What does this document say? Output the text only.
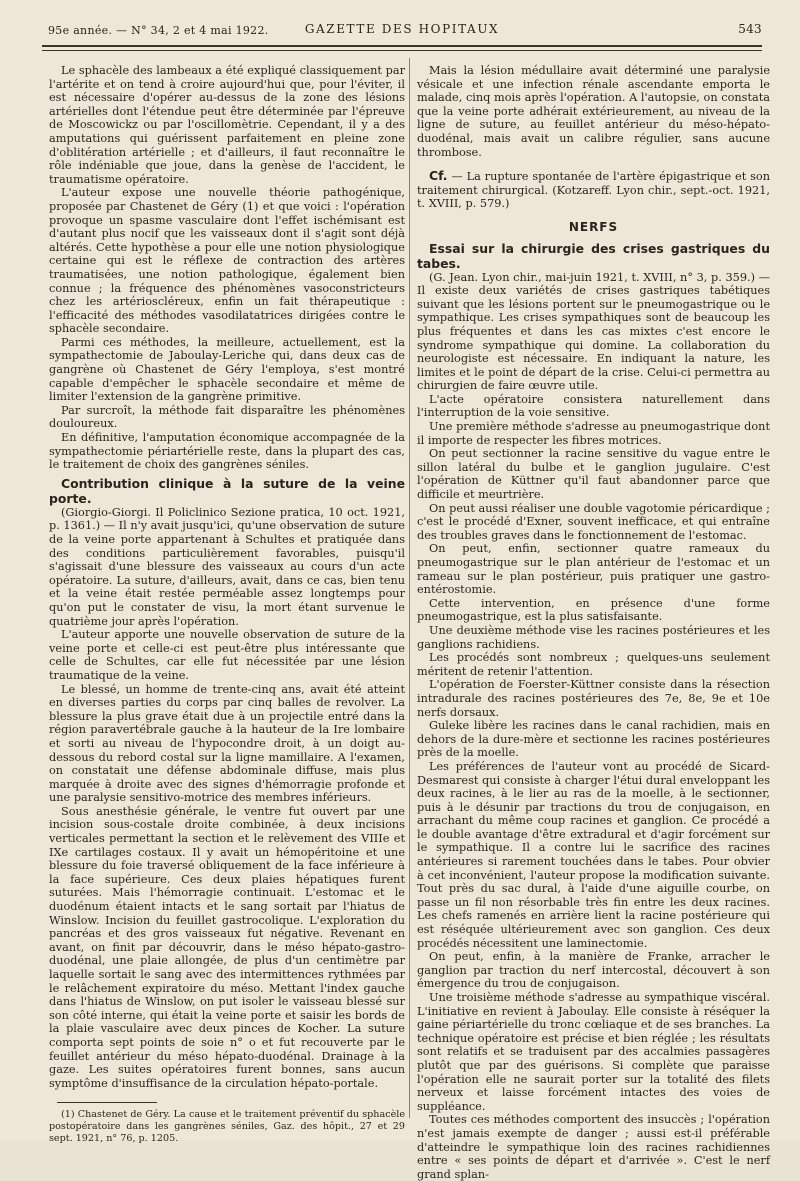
95e année. — N° 34, 2 et 4 mai 1922.	GAZETTE DES HOPITAUX	543

Le sphacèle des lambeaux a été expliqué classiquement par l'artérite et on tend à croire aujourd'hui que, pour l'éviter, il est nécessaire d'opérer au-dessus de la zone des lésions artérielles dont l'étendue peut être déterminée par l'épreuve de Moscowickz ou par l'oscillomètrie. Cependant, il y a des amputations qui guérissent parfaitement en pleine zone d'oblitération artérielle ; et d'ailleurs, il faut reconnaître le rôle indéniable que joue, dans la genèse de l'accident, le traumatisme opératoire.

L'auteur expose une nouvelle théorie pathogénique, proposée par Chastenet de Géry (1) et que voici : l'opération provoque un spasme vasculaire dont l'effet ischémisant est d'autant plus nocif que les vaisseaux dont il s'agit sont déjà altérés. Cette hypothèse a pour elle une notion physiologique certaine qui est le réflexe de contraction des artères traumatisées, une notion pathologique, également bien connue ; la fréquence des phénomènes vasoconstricteurs chez les artérioscléreux, enfin un fait thérapeutique : l'efficacité des méthodes vasodilatatrices dirigées contre le sphacèle secondaire.

Parmi ces méthodes, la meilleure, actuellement, est la sympathectomie de Jaboulay-Leriche qui, dans deux cas de gangrène où Chastenet de Géry l'employa, s'est montré capable d'empêcher le sphacèle secondaire et même de limiter l'extension de la gangrène primitive.

Par surcroît, la méthode fait disparaître les phénomènes douloureux.

En définitive, l'amputation économique accompagnée de la sympathectomie périartérielle reste, dans la plupart des cas, le traitement de choix des gangrènes séniles.

Contribution clinique à la suture de la veine porte.

(Giorgio-Giorgi. Il Policlinico Sezione pratica, 10 oct. 1921, p. 1361.) — Il n'y avait jusqu'ici, qu'une observation de suture de la veine porte appartenant à Schultes et pratiquée dans des conditions particulièrement favorables, puisqu'il s'agissait d'une blessure des vaisseaux au cours d'un acte opératoire. La suture, d'ailleurs, avait, dans ce cas, bien tenu et la veine était restée perméable assez longtemps pour qu'on put le constater de visu, la mort étant survenue le quatrième jour après l'opération.

L'auteur apporte une nouvelle observation de suture de la veine porte et celle-ci est peut-être plus intéressante que celle de Schultes, car elle fut nécessitée par une lésion traumatique de la veine.

Le blessé, un homme de trente-cinq ans, avait été atteint en diverses parties du corps par cinq balles de revolver. La blessure la plus grave était due à un projectile entré dans la région paravertébrale gauche à la hauteur de la Ire lombaire et sorti au niveau de l'hypocondre droit, à un doigt au-dessous du rebord costal sur la ligne mamillaire. A l'examen, on constatait une défense abdominale diffuse, mais plus marquée à droite avec des signes d'hémorragie profonde et une paralysie sensitivo-motrice des membres inférieurs.

Sous anesthésie générale, le ventre fut ouvert par une incision sous-costale droite combinée, à deux incisions verticales permettant la section et le relèvement des VIIIe et IXe cartilages costaux. Il y avait un hémopéritoine et une blessure du foie traversé obliquement de la face inférieure à la face supérieure. Ces deux plaies hépatiques furent suturées. Mais l'hémorragie continuait. L'estomac et le duodénum étaient intacts et le sang sortait par l'hiatus de Winslow. Incision du feuillet gastrocolique. L'exploration du pancréas et des gros vaisseaux fut négative. Revenant en avant, on finit par découvrir, dans le méso hépato-gastro-duodénal, une plaie allongée, de plus d'un centimètre par laquelle sortait le sang avec des intermittences rythmées par le relâchement expiratoire du méso. Mettant l'index gauche dans l'hiatus de Winslow, on put isoler le vaisseau blessé sur son côté interne, qui était la veine porte et saisir les bords de la plaie vasculaire avec deux pinces de Kocher. La suture comporta sept points de soie n° o et fut recouverte par le feuillet antérieur du méso hépato-duodénal. Drainage à la gaze. Les suites opératoires furent bonnes, sans aucun symptôme d'insuffisance de la circulation hépato-portale.

(1) Chastenet de Géry. La cause et le traitement préventif du sphacèle postopératoire dans les gangrènes séniles, Gaz. des hôpit., 27 et 29 sept. 1921, n° 76, p. 1205.

Mais la lésion médullaire avait déterminé une paralysie vésicale et une infection rénale ascendante emporta le malade, cinq mois après l'opération. A l'autopsie, on constata que la veine porte adhérait extérieurement, au niveau de la ligne de suture, au feuillet antérieur du méso-hépato-duodénal, mais avait un calibre régulier, sans aucune thrombose.

Cf. — La rupture spontanée de l'artère épigastrique et son traitement chirurgical. (Kotzareff. Lyon chir., sept.-oct. 1921, t. XVIII, p. 579.)

NERFS

Essai sur la chirurgie des crises gastriques du tabes.

(G. Jean. Lyon chir., mai-juin 1921, t. XVIII, n° 3, p. 359.) — Il existe deux variétés de crises gastriques tabétiques suivant que les lésions portent sur le pneumogastrique ou le sympathique. Les crises sympathiques sont de beaucoup les plus fréquentes et dans les cas mixtes c'est encore le syndrome sympathique qui domine. La collaboration du neurologiste est nécessaire. En indiquant la nature, les limites et le point de départ de la crise. Celui-ci permettra au chirurgien de faire œuvre utile.

L'acte opératoire consistera naturellement dans l'interruption de la voie sensitive.

Une première méthode s'adresse au pneumogastrique dont il importe de respecter les fibres motrices.

On peut sectionner la racine sensitive du vague entre le sillon latéral du bulbe et le ganglion jugulaire. C'est l'opération de Küttner qu'il faut abandonner parce que difficile et meurtrière.

On peut aussi réaliser une double vagotomie péricardique ; c'est le procédé d'Exner, souvent inefficace, et qui entraîne des troubles graves dans le fonctionnement de l'estomac.

On peut, enfin, sectionner quatre rameaux du pneumogastrique sur le plan antérieur de l'estomac et un rameau sur le plan postérieur, puis pratiquer une gastro-entérostomie.

Cette intervention, en présence d'une forme pneumogastrique, est la plus satisfaisante.

Une deuxième méthode vise les racines postérieures et les ganglions rachidiens.

Les procédés sont nombreux ; quelques-uns seulement méritent de retenir l'attention.

L'opération de Foerster-Küttner consiste dans la résection intradurale des racines postérieures des 7e, 8e, 9e et 10e nerfs dorsaux.

Guleke libère les racines dans le canal rachidien, mais en dehors de la dure-mère et sectionne les racines postérieures près de la moelle.

Les préférences de l'auteur vont au procédé de Sicard-Desmarest qui consiste à charger l'étui dural enveloppant les deux racines, à le lier au ras de la moelle, à le sectionner, puis à le désunir par tractions du trou de conjugaison, en arrachant du même coup racines et ganglion. Ce procédé a le double avantage d'être extradural et d'agir forcément sur le sympathique. Il a contre lui le sacrifice des racines antérieures si rarement touchées dans le tabes. Pour obvier à cet inconvénient, l'auteur propose la modification suivante. Tout près du sac dural, à l'aide d'une aiguille courbe, on passe un fil non résorbable très fin entre les deux racines. Les chefs ramenés en arrière lient la racine postérieure qui est réséquée ultérieurement avec son ganglion. Ces deux procédés nécessitent une laminectomie.

On peut, enfin, à la manière de Franke, arracher le ganglion par traction du nerf intercostal, découvert à son émergence du trou de conjugaison.

Une troisième méthode s'adresse au sympathique viscéral. L'initiative en revient à Jaboulay. Elle consiste à réséquer la gaine périartérielle du tronc cœliaque et de ses branches. La technique opératoire est précise et bien réglée ; les résultats sont relatifs et se traduisent par des accalmies passagères plutôt que par des guérisons. Si complète que paraisse l'opération elle ne saurait porter sur la totalité des filets nerveux et laisse forcément intactes des voies de suppléance.

Toutes ces méthodes comportent des insuccès ; l'opération n'est jamais exempte de danger ; aussi est-il préférable d'atteindre le sympathique loin des racines rachidiennes entre « ses points de départ et d'arrivée ». C'est le nerf grand splan-
